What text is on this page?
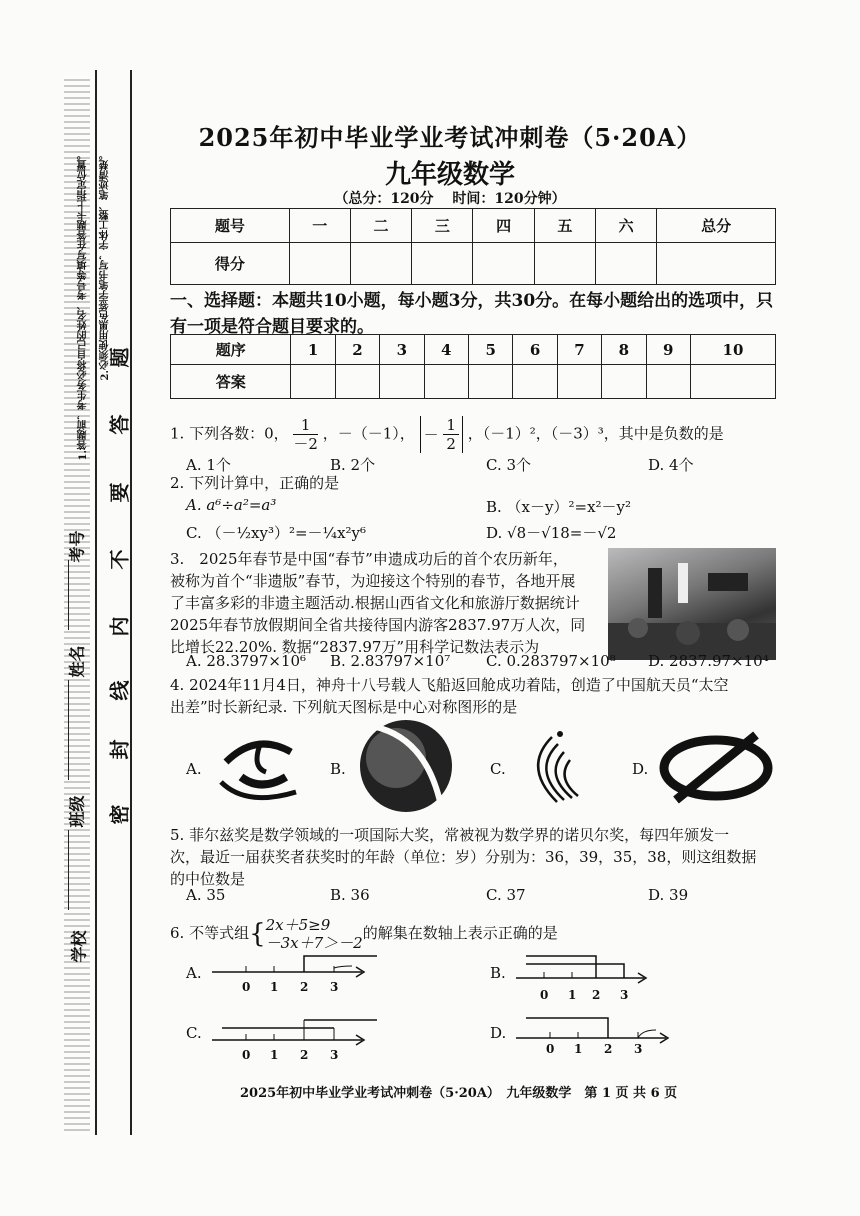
1.答题前，考生务必将自己的姓名、考号等填写在答题卡上指定位置。 2.必须使用黑色签字笔书写，字体工整、笔迹清楚。
学校
班级
姓名
考号
密
封
线
内
不
要
答
题
2025年初中毕业学业考试冲刺卷（5·20A）
九年级数学
（总分：120分　 时间：120分钟）
题号	一	二	三	四	五	六	总分
得分							
一、选择题：本题共10小题，每小题3分，共30分。在每小题给出的选项中，只有一项是符合题目要求的。
题序	1	2	3	4	5	6	7	8	9	10
答案										
1. 下列各数：0， $\frac{1}{-2}$ ，－（－1）， － $\frac{1}{2}$ ，（－1）²，（－3）³，其中是负数的是
A. 1个	B. 2个	C. 3个	D. 4个
2. 下列计算中，正确的是
A. a⁶÷a²=a³	B. （x－y）²=x²－y²
C. （－½xy³）²=－¼x²y⁶	D. √8－√18=－√2
3.　2025年春节是中国“春节”申遗成功后的首个农历新年，
被称为首个“非遗版”春节，为迎接这个特别的春节，各地开展
了丰富多彩的非遗主题活动.根据山西省文化和旅游厅数据统计
2025年春节放假期间全省共接待国内游客2837.97万人次，同
比增长22.20%. 数据“2837.97万”用科学记数法表示为
A. 28.3797×10⁶ B. 2.83797×10⁷ C. 0.283797×10⁸ D. 2837.97×10⁴
4. 2024年11月4日，神舟十八号载人飞船返回舱成功着陆，创造了中国航天员“太空
出差”时长新纪录. 下列航天图标是中心对称图形的是
A.	B.	C.	D.
5. 菲尔兹奖是数学领域的一项国际大奖，常被视为数学界的诺贝尔奖，每四年颁发一
次，最近一届获奖者获奖时的年龄（单位：岁）分别为：36，39，35，38，则这组数据
的中位数是
A. 35	B. 36	C. 37	D. 39
6. 不等式组{ 2x＋5≥9
－3x＋7＞－2
的解集在数轴上表示正确的是
A.
0 1 2 3
B.
0 1 2 3
C.
0 1 2 3
D.
0 1 2 3
2025年初中毕业学业考试冲刺卷（5·20A）　九年级数学　第 1 页 共 6 页
